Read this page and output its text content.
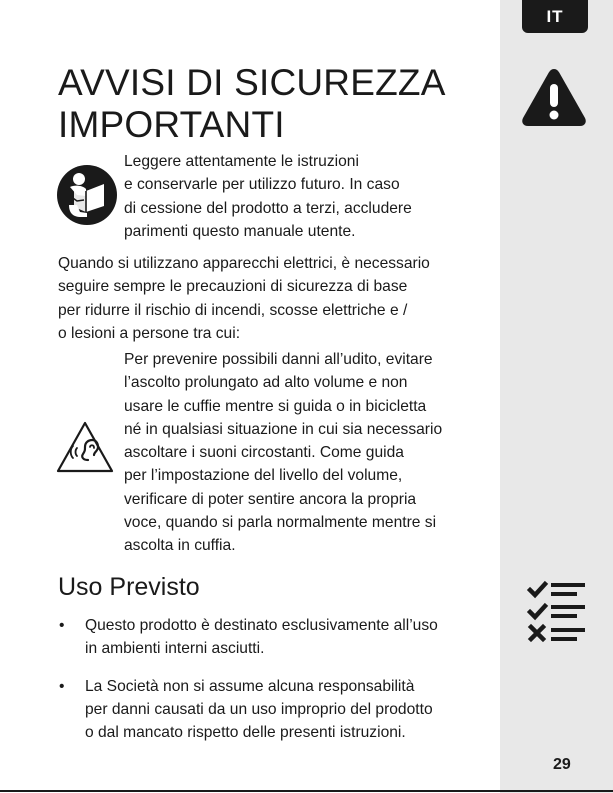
IT
AVVISI DI SICUREZZA
IMPORTANTI

Leggere attentamente le istruzioni
e conservarle per utilizzo futuro. In caso
di cessione del prodotto a terzi, accludere
parimenti questo manuale utente.

Quando si utilizzano apparecchi elettrici, è necessario
seguire sempre le precauzioni di sicurezza di base
per ridurre il rischio di incendi, scosse elettriche e /
o lesioni a persone tra cui:

Per prevenire possibili danni all’udito, evitare
l’ascolto prolungato ad alto volume e non
usare le cuffie mentre si guida o in bicicletta
né in qualsiasi situazione in cui sia necessario
ascoltare i suoni circostanti. Come guida
per l’impostazione del livello del volume,
verificare di poter sentire ancora la propria
voce, quando si parla normalmente mentre si
ascolta in cuffia.

Uso Previsto
• Questo prodotto è destinato esclusivamente all’uso
in ambienti interni asciutti.
• La Società non si assume alcuna responsabilità
per danni causati da un uso improprio del prodotto
o dal mancato rispetto delle presenti istruzioni.
29
